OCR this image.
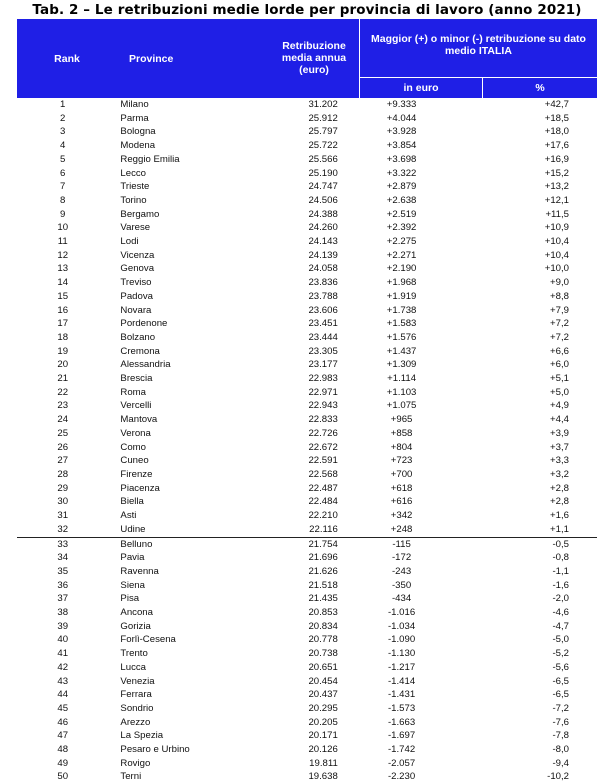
Tab. 2 – Le retribuzioni medie lorde per provincia di lavoro (anno 2021)
Rank	Province
Retribuzione media annua (euro)
Maggior (+) o minor (-) retribuzione su dato medio ITALIA
in euro	%
1	Milano	31.202	+9.333	+42,7
2	Parma	25.912	+4.044	+18,5
3	Bologna	25.797	+3.928	+18,0
4	Modena	25.722	+3.854	+17,6
5	Reggio Emilia	25.566	+3.698	+16,9
6	Lecco	25.190	+3.322	+15,2
7	Trieste	24.747	+2.879	+13,2
8	Torino	24.506	+2.638	+12,1
9	Bergamo	24.388	+2.519	+11,5
10	Varese	24.260	+2.392	+10,9
11	Lodi	24.143	+2.275	+10,4
12	Vicenza	24.139	+2.271	+10,4
13	Genova	24.058	+2.190	+10,0
14	Treviso	23.836	+1.968	+9,0
15	Padova	23.788	+1.919	+8,8
16	Novara	23.606	+1.738	+7,9
17	Pordenone	23.451	+1.583	+7,2
18	Bolzano	23.444	+1.576	+7,2
19	Cremona	23.305	+1.437	+6,6
20	Alessandria	23.177	+1.309	+6,0
21	Brescia	22.983	+1.114	+5,1
22	Roma	22.971	+1.103	+5,0
23	Vercelli	22.943	+1.075	+4,9
24	Mantova	22.833	+965	+4,4
25	Verona	22.726	+858	+3,9
26	Como	22.672	+804	+3,7
27	Cuneo	22.591	+723	+3,3
28	Firenze	22.568	+700	+3,2
29	Piacenza	22.487	+618	+2,8
30	Biella	22.484	+616	+2,8
31	Asti	22.210	+342	+1,6
32	Udine	22.116	+248	+1,1
33	Belluno	21.754	-115	-0,5
34	Pavia	21.696	-172	-0,8
35	Ravenna	21.626	-243	-1,1
36	Siena	21.518	-350	-1,6
37	Pisa	21.435	-434	-2,0
38	Ancona	20.853	-1.016	-4,6
39	Gorizia	20.834	-1.034	-4,7
40	Forlì-Cesena	20.778	-1.090	-5,0
41	Trento	20.738	-1.130	-5,2
42	Lucca	20.651	-1.217	-5,6
43	Venezia	20.454	-1.414	-6,5
44	Ferrara	20.437	-1.431	-6,5
45	Sondrio	20.295	-1.573	-7,2
46	Arezzo	20.205	-1.663	-7,6
47	La Spezia	20.171	-1.697	-7,8
48	Pesaro e Urbino	20.126	-1.742	-8,0
49	Rovigo	19.811	-2.057	-9,4
50	Terni	19.638	-2.230	-10,2
